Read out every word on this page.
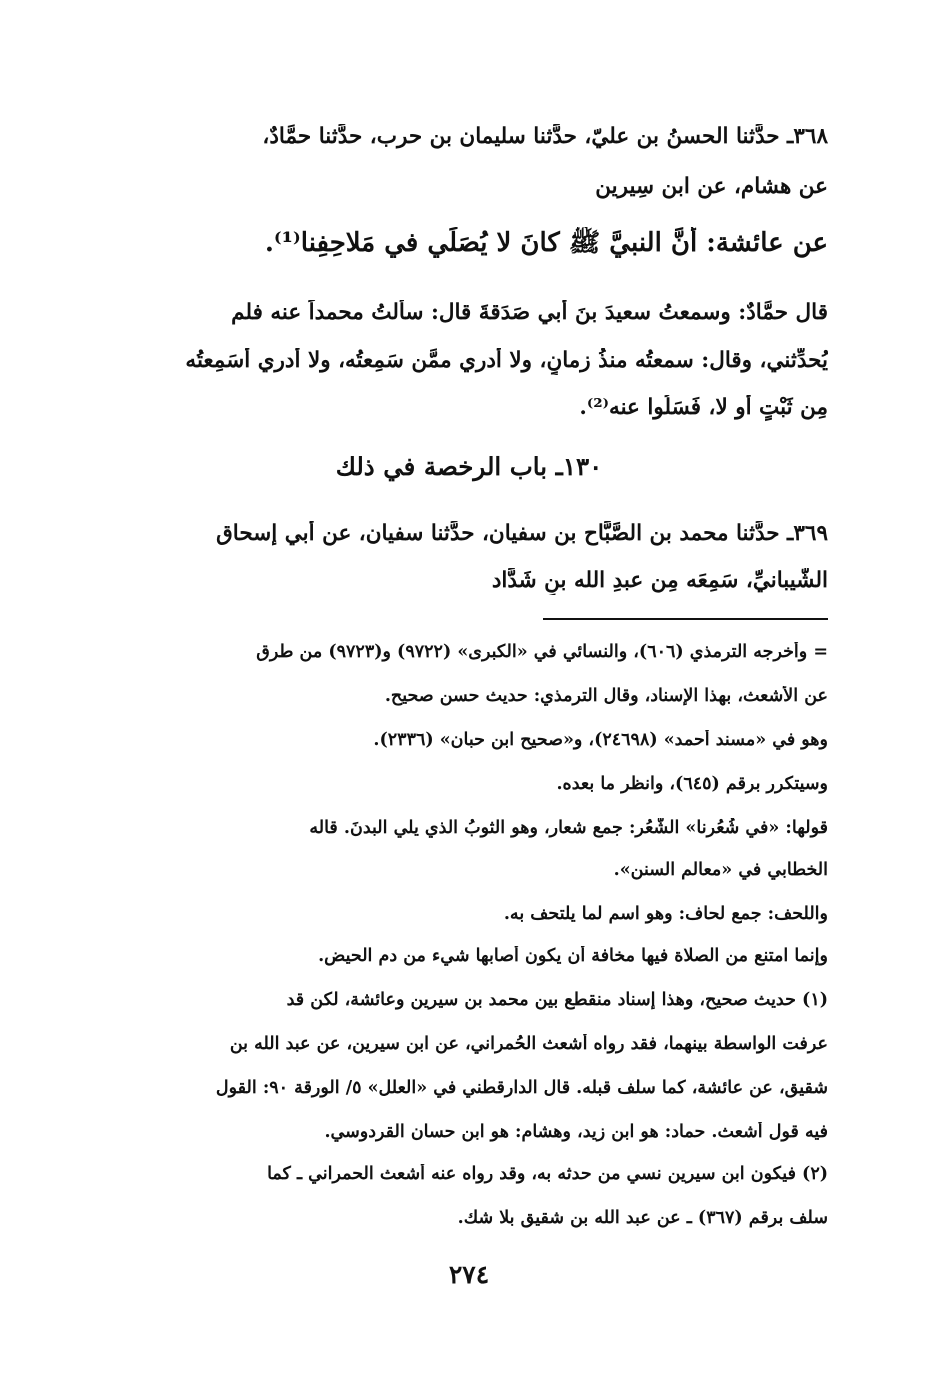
٣٦٨ـ حدَّثنا الحسنُ بن عليّ، حدَّثنا سليمان بن حرب، حدَّثنا حمَّادٌ،
عن هشام، عن ابن سِيرين
عن عائشة: أنَّ النبيَّ ﷺ كانَ لا يُصَلِّي في مَلاحِفِنا⁽¹⁾.
قال حمَّادٌ: وسمعتُ سعيدَ بنَ أبي صَدَقةَ قال: سألتُ محمداً عنه فلم
يُحدِّثني، وقال: سمعتُه منذُ زمانٍ، ولا أدري ممَّن سَمِعتُه، ولا أدري أَسَمِعتُه
مِن ثَبْتٍ أو لا، فَسَلُوا عنه⁽²⁾.
١٣٠ـ باب الرخصة في ذلك
٣٦٩ـ حدَّثنا محمد بن الصَّبَّاح بن سفيان، حدَّثنا سفيان، عن أبي إسحاق
الشَّيبانيِّ، سَمِعَه مِن عبدِ الله بنِ شَدَّاد
= وأخرجه الترمذي (٦٠٦)، والنسائي في «الكبرى» (٩٧٢٢) و(٩٧٢٣) من طرق
عن الأشعث، بهذا الإسناد، وقال الترمذي: حديث حسن صحيح.
وهو في «مسند أحمد» (٢٤٦٩٨)، و«صحيح ابن حبان» (٢٣٣٦).
وسيتكرر برقم (٦٤٥)، وانظر ما بعده.
قولها: «في شُعُرنا» الشُّعُر: جمع شعار، وهو الثوبُ الذي يلي البدنَ. قاله
الخطابي في «معالم السنن».
واللحف: جمع لحاف: وهو اسم لما يلتحف به.
وإنما امتنع من الصلاة فيها مخافة أن يكون أصابها شيء من دم الحيض.
(١) حديث صحيح، وهذا إسناد منقطع بين محمد بن سيرين وعائشة، لكن قد
عرفت الواسطة بينهما، فقد رواه أشعث الحُمراني، عن ابن سيرين، عن عبد الله بن
شقيق، عن عائشة، كما سلف قبله. قال الدارقطني في «العلل» ٥/ الورقة ٩٠: القول
فيه قول أشعث. حماد: هو ابن زيد، وهشام: هو ابن حسان القردوسي.
(٢) فيكون ابن سيرين نسي من حدثه به، وقد رواه عنه أشعث الحمراني ـ كما
سلف برقم (٣٦٧) ـ عن عبد الله بن شقيق بلا شك.
٢٧٤
